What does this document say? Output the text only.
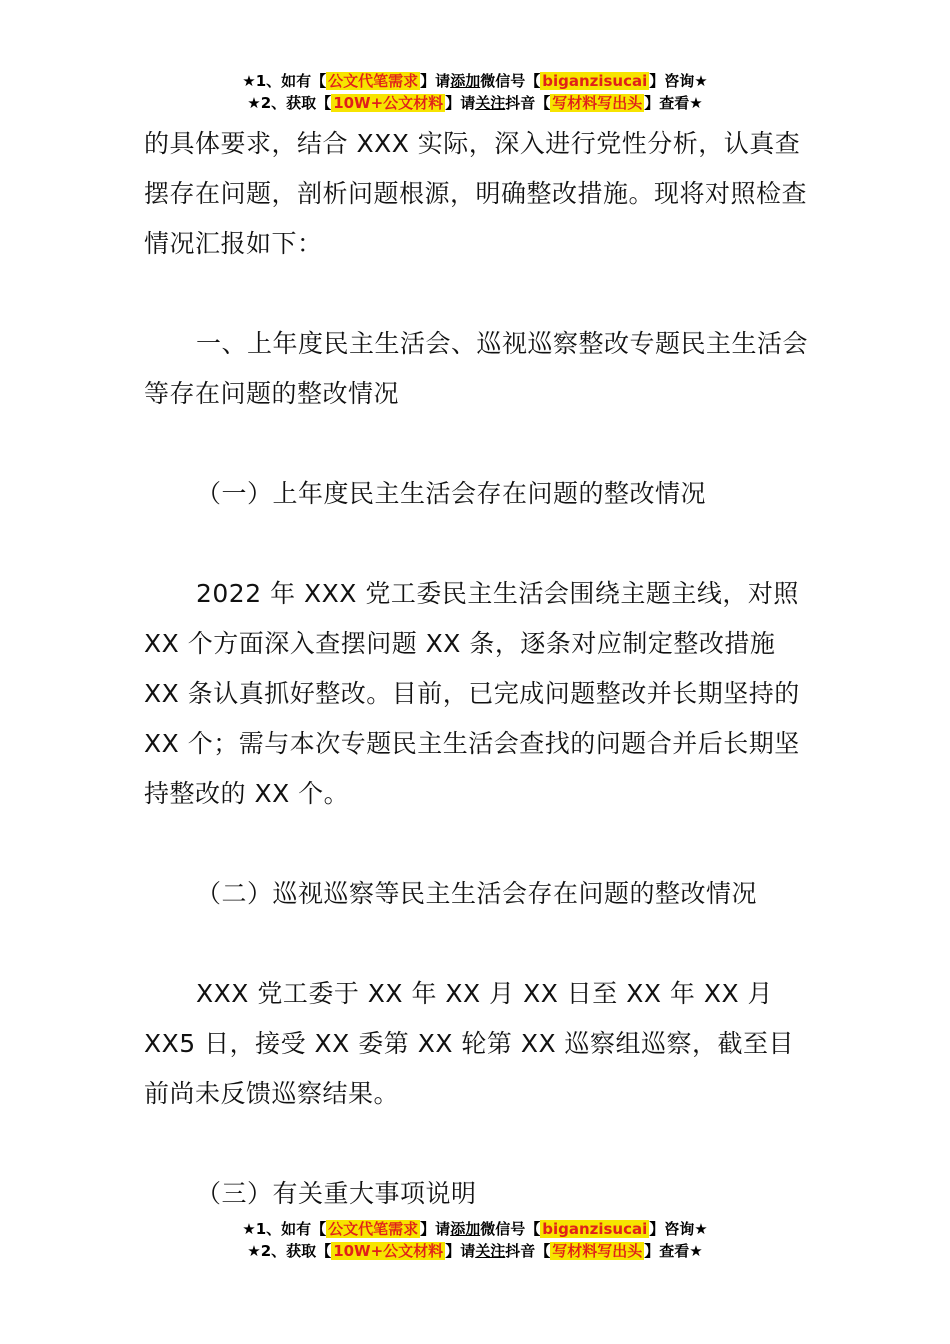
★1、如有【 公文代笔需求 】请添加微信号【 biganzisucai 】咨询★
★2、获取【 10W+公文材料 】请关注抖音【 写材料写出头 】查看★

的具体要求，结合 XXX 实际，深入进行党性分析，认真查摆存在问题，剖析问题根源，明确整改措施。现将对照检查情况汇报如下：

一、上年度民主生活会、巡视巡察整改专题民主生活会等存在问题的整改情况

（一）上年度民主生活会存在问题的整改情况

2022 年 XXX 党工委民主生活会围绕主题主线，对照 XX 个方面深入查摆问题 XX 条，逐条对应制定整改措施 XX 条认真抓好整改。目前，已完成问题整改并长期坚持的 XX 个；需与本次专题民主生活会查找的问题合并后长期坚持整改的 XX 个。

（二）巡视巡察等民主生活会存在问题的整改情况

XXX 党工委于 XX 年 XX 月 XX 日至 XX 年 XX 月 XX5 日，接受 XX 委第 XX 轮第 XX 巡察组巡察，截至目前尚未反馈巡察结果。

（三）有关重大事项说明

★1、如有【 公文代笔需求 】请添加微信号【 biganzisucai 】咨询★
★2、获取【 10W+公文材料 】请关注抖音【 写材料写出头 】查看★
